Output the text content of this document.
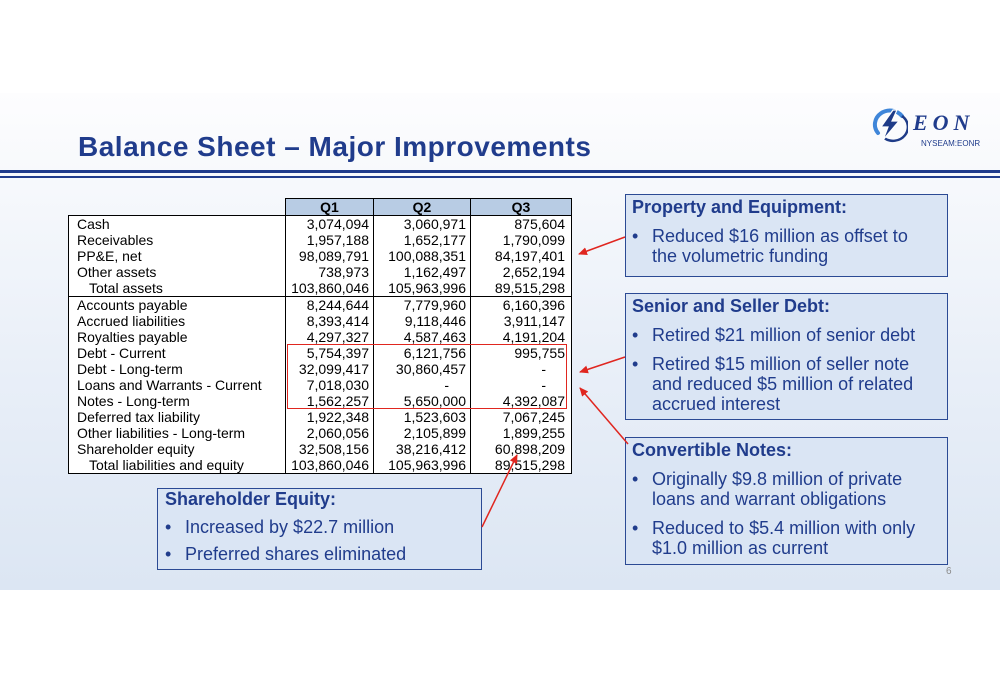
Balance Sheet – Major Improvements
EON
NYSEAM:EONR
	Q1	Q2	Q3
Cash	3,074,094	3,060,971	875,604
Receivables	1,957,188	1,652,177	1,790,099
PP&E, net	98,089,791	100,088,351	84,197,401
Other assets	738,973	1,162,497	2,652,194
Total assets	103,860,046	105,963,996	89,515,298
Accounts payable	8,244,644	7,779,960	6,160,396
Accrued liabilities	8,393,414	9,118,446	3,911,147
Royalties payable	4,297,327	4,587,463	4,191,204
Debt - Current	5,754,397	6,121,756	995,755
Debt - Long-term	32,099,417	30,860,457	-
Loans and Warrants - Current	7,018,030	-	-
Notes - Long-term	1,562,257	5,650,000	4,392,087
Deferred tax liability	1,922,348	1,523,603	7,067,245
Other liabilities - Long-term	2,060,056	2,105,899	1,899,255
Shareholder equity	32,508,156	38,216,412	60,898,209
Total liabilities and equity	103,860,046	105,963,996	89,515,298
Property and Equipment:
•
Reduced $16 million as offset to the volumetric funding
Senior and Seller Debt:
•
Retired $21 million of senior debt
•
Retired $15 million of seller note and reduced $5 million of related accrued interest
Convertible Notes:
•
Originally $9.8 million of private loans and warrant obligations
•
Reduced to $5.4 million with only $1.0 million as current
Shareholder Equity:
•
Increased by $22.7 million
•
Preferred shares eliminated
6
